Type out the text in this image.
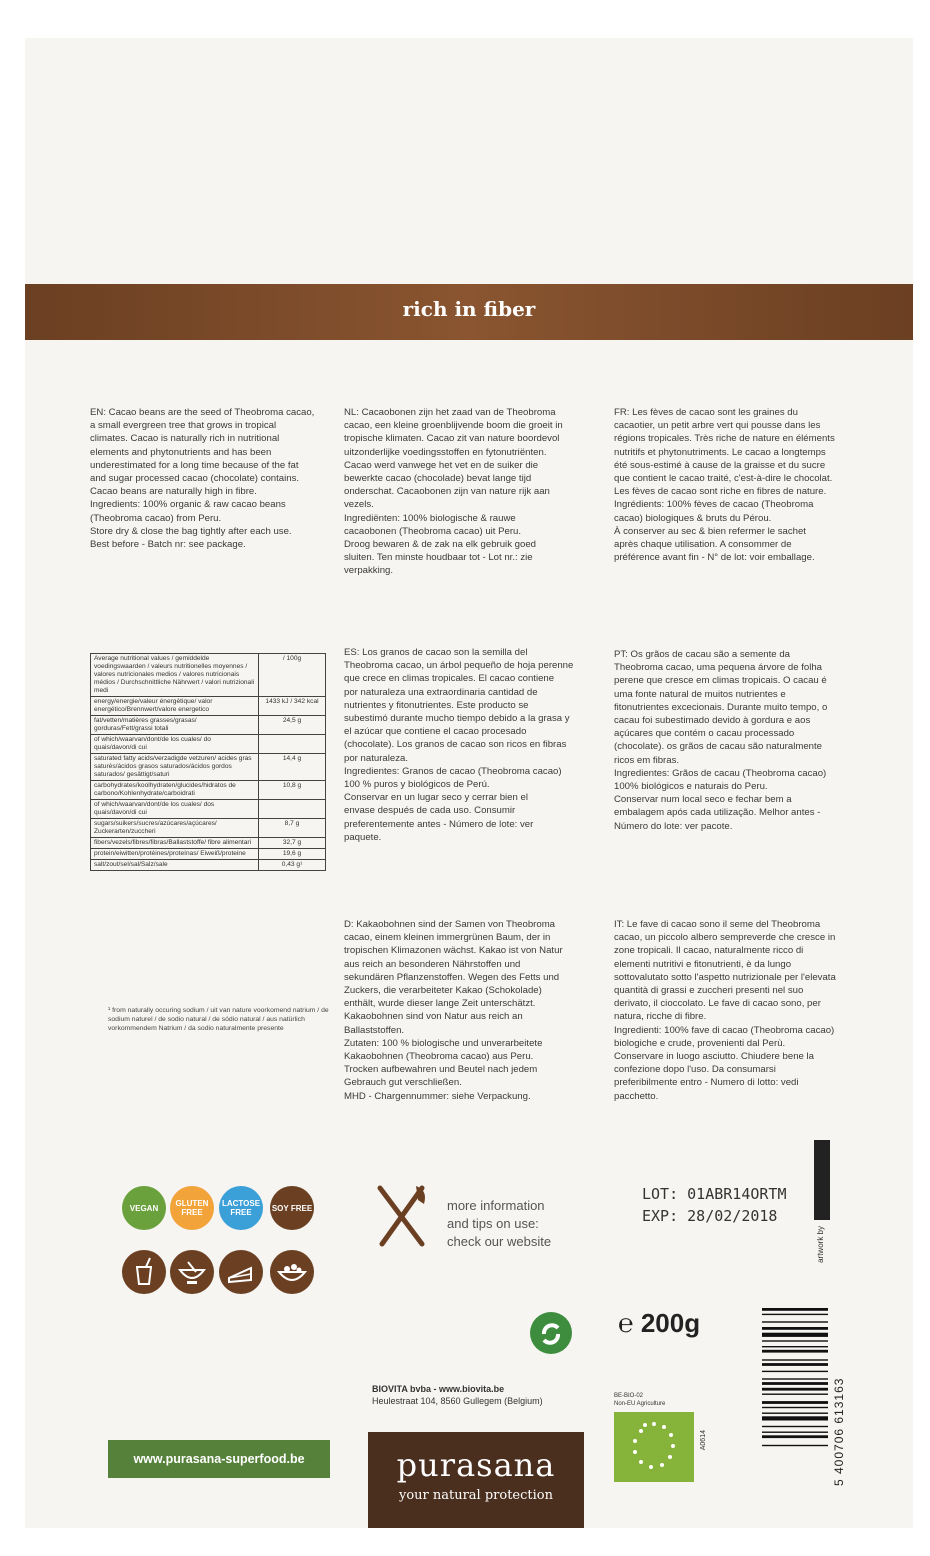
rich in fiber

EN: Cacao beans are the seed of Theobroma cacao,

a small evergreen tree that grows in tropical

climates. Cacao is naturally rich in nutritional

elements and phytonutrients and has been

underestimated for a long time because of the fat

and sugar processed cacao (chocolate) contains.

Cacao beans are naturally high in fibre.

Ingredients: 100% organic & raw cacao beans

(Theobroma cacao) from Peru.

Store dry & close the bag tightly after each use.

Best before - Batch nr: see package.

NL: Cacaobonen zijn het zaad van de Theobroma

cacao, een kleine groenblijvende boom die groeit in

tropische klimaten. Cacao zit van nature boordevol

uitzonderlijke voedingsstoffen en fytonutriënten.

Cacao werd vanwege het vet en de suiker die

bewerkte cacao (chocolade) bevat lange tijd

onderschat. Cacaobonen zijn van nature rijk aan

vezels.

Ingrediënten: 100% biologische & rauwe

cacaobonen (Theobroma cacao) uit Peru.

Droog bewaren & de zak na elk gebruik goed

sluiten. Ten minste houdbaar tot - Lot nr.: zie

verpakking.

FR: Les fèves de cacao sont les graines du

cacaotier, un petit arbre vert qui pousse dans les

régions tropicales. Très riche de nature en éléments

nutritifs et phytonutriments. Le cacao a longtemps

été sous-estimé à cause de la graisse et du sucre

que contient le cacao traité, c'est-à-dire le chocolat.

Les fèves de cacao sont riche en fibres de nature.

Ingrédients: 100% fèves de cacao (Theobroma

cacao) biologiques & bruts du Pérou.

À conserver au sec & bien refermer le sachet

après chaque utilisation. A consommer de

préférence avant fin - N° de lot: voir emballage.

ES: Los granos de cacao son la semilla del

Theobroma cacao, un árbol pequeño de hoja perenne

que crece en climas tropicales. El cacao contiene

por naturaleza una extraordinaria cantidad de

nutrientes y fitonutrientes. Este producto se

subestimó durante mucho tiempo debido a la grasa y

el azúcar que contiene el cacao procesado

(chocolate). Los granos de cacao son ricos en fibras

por naturaleza.

Ingredientes: Granos de cacao (Theobroma cacao)

100 % puros y biológicos de Perú.

Conservar en un lugar seco y cerrar bien el

envase después de cada uso. Consumir

preferentemente antes - Número de lote: ver

paquete.

PT: Os grãos de cacau são a semente da

Theobroma cacao, uma pequena árvore de folha

perene que cresce em climas tropicais. O cacau é

uma fonte natural de muitos nutrientes e

fitonutrientes excecionais. Durante muito tempo, o

cacau foi subestimado devido à gordura e aos

açúcares que contém o cacau processado

(chocolate). os grãos de cacau são naturalmente

ricos em fibras.

Ingredientes: Grãos de cacau (Theobroma cacao)

100% biológicos e naturais do Peru.

Conservar num local seco e fechar bem a

embalagem após cada utilização. Melhor antes -

Número do lote: ver pacote.

D: Kakaobohnen sind der Samen von Theobroma

cacao, einem kleinen immergrünen Baum, der in

tropischen Klimazonen wächst. Kakao ist von Natur

aus reich an besonderen Nährstoffen und

sekundären Pflanzenstoffen. Wegen des Fetts und

Zuckers, die verarbeiteter Kakao (Schokolade)

enthält, wurde dieser lange Zeit unterschätzt.

Kakaobohnen sind von Natur aus reich an

Ballaststoffen.

Zutaten: 100 % biologische und unverarbeitete

Kakaobohnen (Theobroma cacao) aus Peru.

Trocken aufbewahren und Beutel nach jedem

Gebrauch gut verschließen.

MHD - Chargennummer: siehe Verpackung.

IT: Le fave di cacao sono il seme del Theobroma

cacao, un piccolo albero sempreverde che cresce in

zone tropicali. Il cacao, naturalmente ricco di

elementi nutritivi e fitonutrienti, è da lungo

sottovalutato sotto l'aspetto nutrizionale per l'elevata

quantità di grassi e zuccheri presenti nel suo

derivato, il cioccolato. Le fave di cacao sono, per

natura, ricche di fibre.

Ingredienti: 100% fave di cacao (Theobroma cacao)

biologiche e crude, provenienti dal Perù.

Conservare in luogo asciutto. Chiudere bene la

confezione dopo l'uso. Da consumarsi

preferibilmente entro - Numero di lotto: vedi

pacchetto.

Average nutritional values / gemiddelde voedingswaarden / valeurs nutritionelles moyennes / valores nutricionales medios / valores nutricionais médios / Durchschnittliche Nährwert / valori nutrizionali medi	/ 100g
energy/energie/valeur énergétique/ valor energético/Brennwert/valore energetico	1433 kJ / 342 kcal
fat/vetten/matières grasses/grasas/ gorduras/Fett/grassi totali	24,5 g
of which/waarvan/dont/de los cuales/ do quais/davon/di cui	
saturated fatty acids/verzadigde vetzuren/ acides gras saturés/ácidos grasos saturados/ácidos gordos saturados/ gesättigt/saturi	14,4 g
carbohydrates/koolhydraten/glucides/hidratos de carbono/Kohlenhydrate/carboidrati	10,8 g
of which/waarvan/dont/de los cuales/ dos quais/davon/di cui	
sugars/suikers/sucres/azúcares/açúcares/ Zuckerarten/zuccheri	8,7 g
fibers/vezels/fibres/fibras/Ballaststoffe/ fibre alimentari	32,7 g
protein/eiwitten/protéines/proteínas/ Eiweiß/proteine	19,6 g
salt/zout/sel/sal/Salz/sale	0,43 g¹
¹ from naturally occuring sodium / uit van nature voorkomend natrium / de sodium naturel / de sodio natural / de sódio natural / aus natürlich vorkommendem Natrium / da sodio naturalmente presente
VEGAN	GLUTEN FREE
LACTOSE FREE	SOY FREE	more information
and tips on use:
check our website
LOT: 01ABR14ORTM
EXP: 28/02/2018
artwork by
℮ 200g
BIOVITA bvba - www.biovita.be
Heulestraat 104, 8560 Gullegem (Belgium)
www.purasana-superfood.be	purasana
your natural protection
BE-BIO-02
Non-EU Agriculture
A0614	5 400706 613163
